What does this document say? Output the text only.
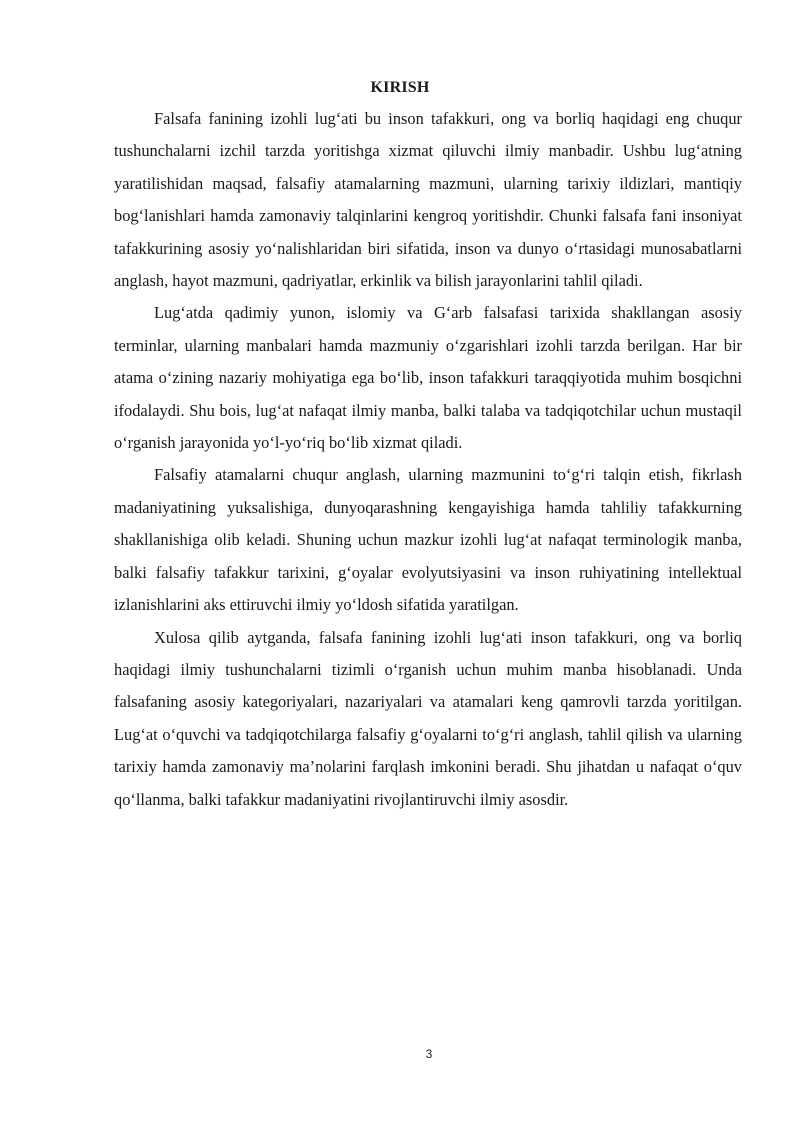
KIRISH

Falsafa fanining izohli lug‘ati bu inson tafakkuri, ong va borliq haqidagi eng chuqur tushunchalarni izchil tarzda yoritishga xizmat qiluvchi ilmiy manbadir. Ushbu lug‘atning yaratilishidan maqsad, falsafiy atamalarning mazmuni, ularning tarixiy ildizlari, mantiqiy bog‘lanishlari hamda zamonaviy talqinlarini kengroq yoritishdir. Chunki falsafa fani insoniyat tafakkurining asosiy yo‘nalishlaridan biri sifatida, inson va dunyo o‘rtasidagi munosabatlarni anglash, hayot mazmuni, qadriyatlar, erkinlik va bilish jarayonlarini tahlil qiladi.

Lug‘atda qadimiy yunon, islomiy va G‘arb falsafasi tarixida shakllangan asosiy terminlar, ularning manbalari hamda mazmuniy o‘zgarishlari izohli tarzda berilgan. Har bir atama o‘zining nazariy mohiyatiga ega bo‘lib, inson tafakkuri taraqqiyotida muhim bosqichni ifodalaydi. Shu bois, lug‘at nafaqat ilmiy manba, balki talaba va tadqiqotchilar uchun mustaqil o‘rganish jarayonida yo‘l-yo‘riq bo‘lib xizmat qiladi.

Falsafiy atamalarni chuqur anglash, ularning mazmunini to‘g‘ri talqin etish, fikrlash madaniyatining yuksalishiga, dunyoqarashning kengayishiga hamda tahliliy tafakkurning shakllanishiga olib keladi. Shuning uchun mazkur izohli lug‘at nafaqat terminologik manba, balki falsafiy tafakkur tarixini, g‘oyalar evolyutsiyasini va inson ruhiyatining intellektual izlanishlarini aks ettiruvchi ilmiy yo‘ldosh sifatida yaratilgan.

Xulosa qilib aytganda, falsafa fanining izohli lug‘ati inson tafakkuri, ong va borliq haqidagi ilmiy tushunchalarni tizimli o‘rganish uchun muhim manba hisoblanadi. Unda falsafaning asosiy kategoriyalari, nazariyalari va atamalari keng qamrovli tarzda yoritilgan. Lug‘at o‘quvchi va tadqiqotchilarga falsafiy g‘oyalarni to‘g‘ri anglash, tahlil qilish va ularning tarixiy hamda zamonaviy ma’nolarini farqlash imkonini beradi. Shu jihatdan u nafaqat o‘quv qo‘llanma, balki tafakkur madaniyatini rivojlantiruvchi ilmiy asosdir.

3
